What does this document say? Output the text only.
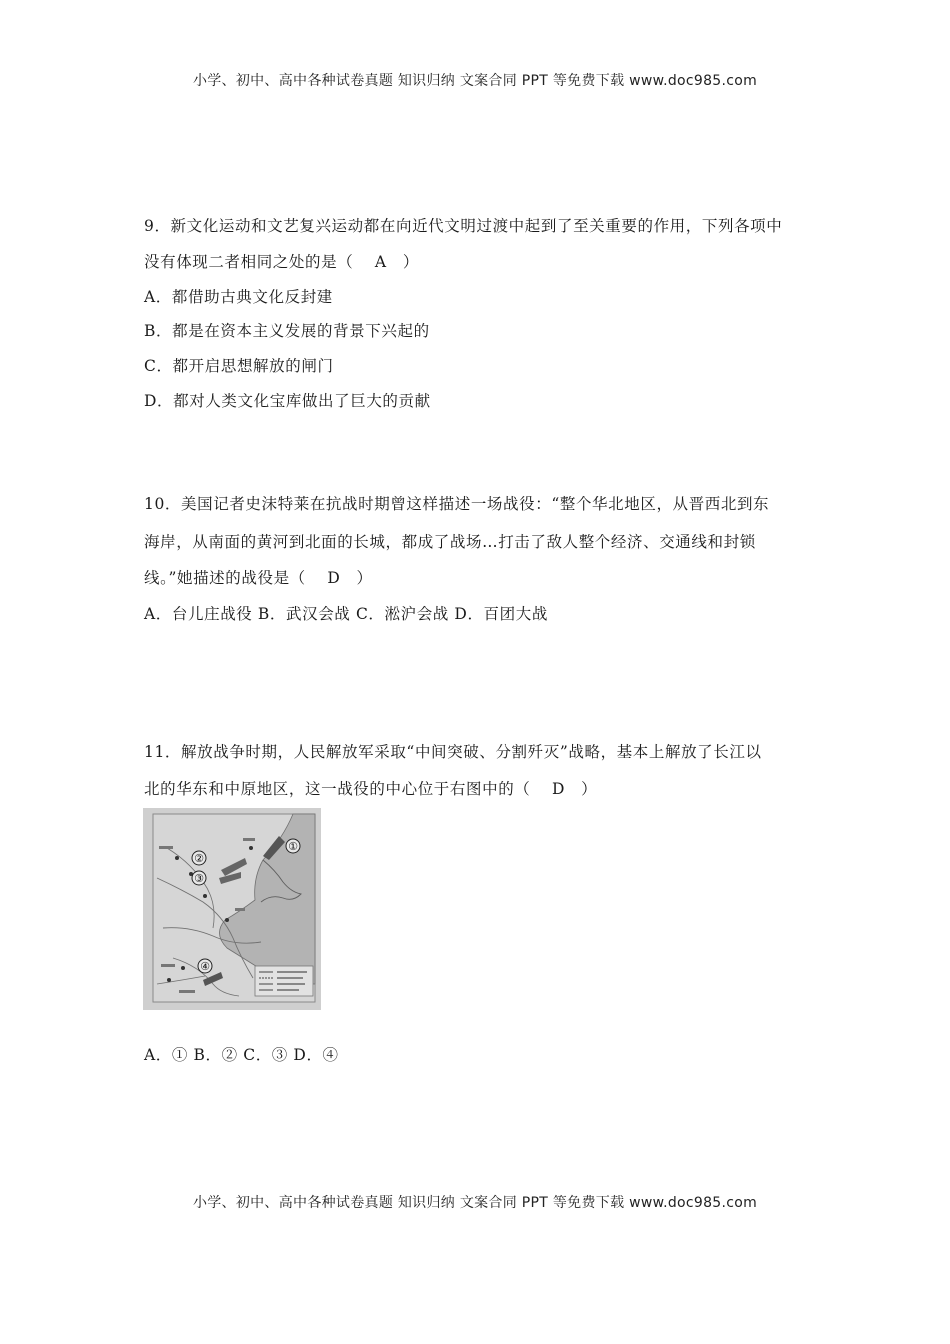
小学、初中、高中各种试卷真题 知识归纳 文案合同 PPT 等免费下载 www.doc985.com
9．新文化运动和文艺复兴运动都在向近代文明过渡中起到了至关重要的作用，下列各项中
没有体现二者相同之处的是（　 A　）
A．都借助古典文化反封建
B．都是在资本主义发展的背景下兴起的
C．都开启思想解放的闸门
D．都对人类文化宝库做出了巨大的贡献
10．美国记者史沫特莱在抗战时期曾这样描述一场战役：“整个华北地区，从晋西北到东
海岸，从南面的黄河到北面的长城，都成了战场…打击了敌人整个经济、交通线和封锁
线。”她描述的战役是（　 D　）
A．台儿庄战役 B．武汉会战 C．淞沪会战 D．百团大战
11．解放战争时期，人民解放军采取“中间突破、分割歼灭”战略，基本上解放了长江以
北的华东和中原地区，这一战役的中心位于右图中的（　 D　）
①
②
③
④
A．① B．② C．③ D．④
小学、初中、高中各种试卷真题 知识归纳 文案合同 PPT 等免费下载 www.doc985.com
